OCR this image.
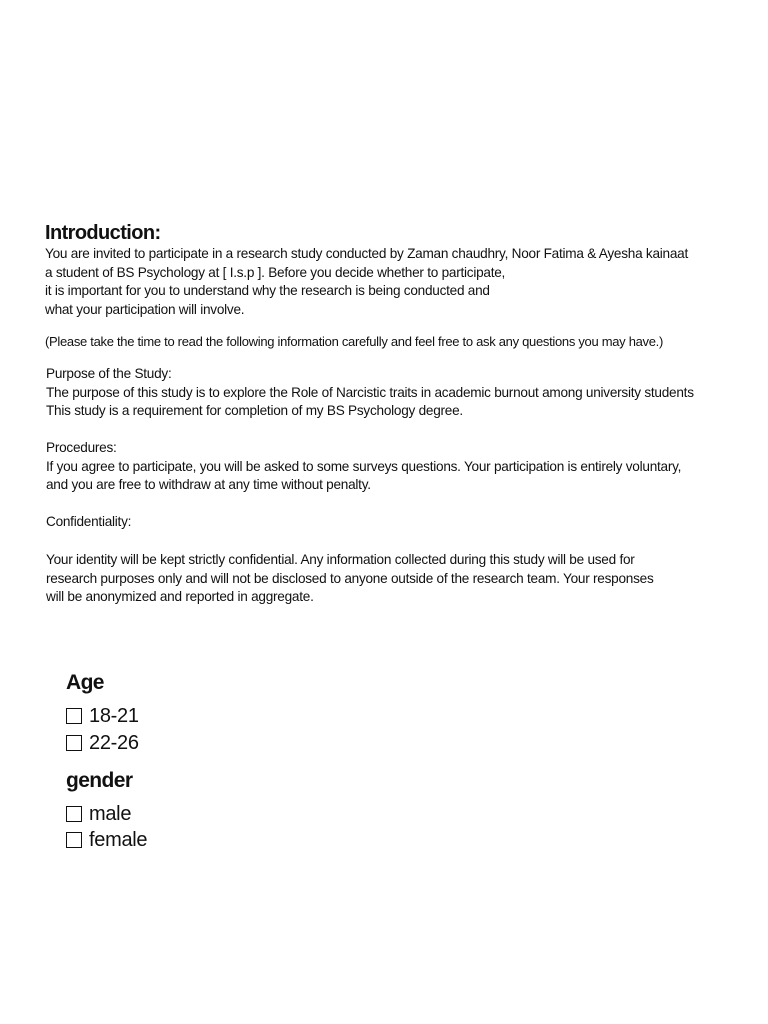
Introduction:

You are invited to participate in a research study conducted by Zaman chaudhry, Noor Fatima & Ayesha kainaat
a student of BS Psychology at [ I.s.p ]. Before you decide whether to participate,
it is important for you to understand why the research is being conducted and
what your participation will involve.

(Please take the time to read the following information carefully and feel free to ask any questions you may have.)

Purpose of the Study:
The purpose of this study is to explore the Role of Narcistic traits in academic burnout among university students
This study is a requirement for completion of my BS Psychology degree.

Procedures:
If you agree to participate, you will be asked to some surveys questions. Your participation is entirely voluntary,
and you are free to withdraw at any time without penalty.

Confidentiality:

Your identity will be kept strictly confidential. Any information collected during this study will be used for
research purposes only and will not be disclosed to anyone outside of the research team. Your responses
will be anonymized and reported in aggregate.

Age
18-21
22-26
gender
male
female
